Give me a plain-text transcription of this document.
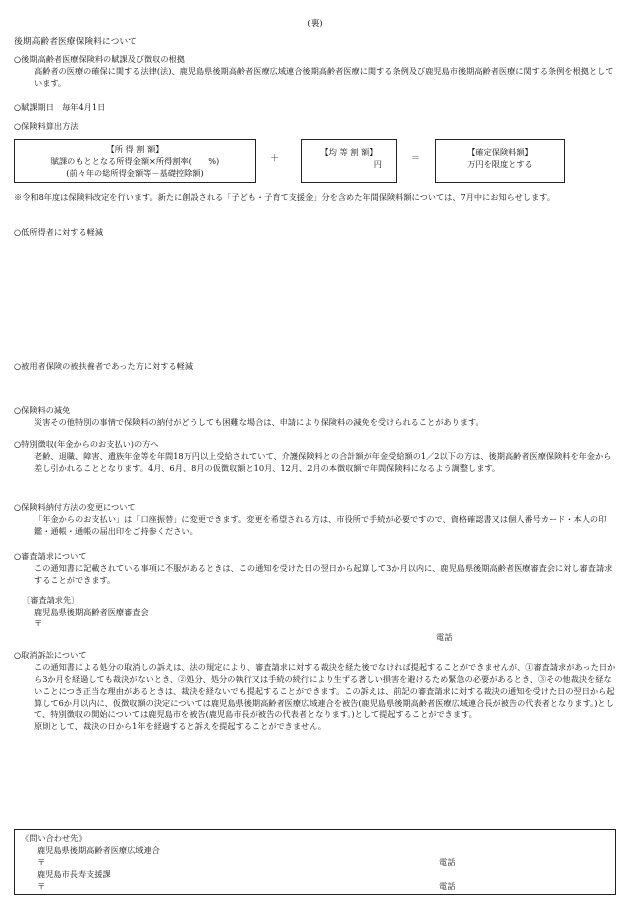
(裏)
後期高齢者医療保険料について
○後期高齢者医療保険料の賦課及び徴収の根拠
高齢者の医療の確保に関する法律(法)、鹿児島県後期高齢者医療広域連合後期高齢者医療に関する条例及び鹿児島市後期高齢者医療に関する条例を根拠としています。
○賦課期日　毎年4月1日
○保険料算出方法
【所 得 割 額】
賦課のもととなる所得金額×所得割率(　　%)
(前々年の総所得金額等－基礎控除額)
＋
【均 等 割 額】
円	＝
【確定保険料額】
万円を限度とする
※令和8年度は保険料改定を行います。新たに創設される「子ども・子育て支援金」分を含めた年間保険料額については、7月中にお知らせします。
○低所得者に対する軽減
○被用者保険の被扶養者であった方に対する軽減
○保険料の減免
災害その他特別の事情で保険料の納付がどうしても困難な場合は、申請により保険料の減免を受けられることがあります。
○特別徴収(年金からのお支払い)の方へ
老齢、退職、障害、遺族年金等を年間18万円以上受給されていて、介護保険料との合計額が年金受給額の1／2以下の方は、後期高齢者医療保険料を年金から差し引かれることとなります。4月、6月、8月の仮徴収額と10月、12月、2月の本徴収額で年間保険料になるよう調整します。
○保険料納付方法の変更について
「年金からのお支払い」は「口座振替」に変更できます。変更を希望される方は、市役所で手続が必要ですので、資格確認書又は個人番号カード・本人の印鑑・通帳・通帳の届出印をご持参ください。
○審査請求について
この通知書に記載されている事項に不服があるときは、この通知を受けた日の翌日から起算して3か月以内に、鹿児島県後期高齢者医療審査会に対し審査請求することができます。
〔審査請求先〕
鹿児島県後期高齢者医療審査会
〒
電話
○取消訴訟について
この通知書による処分の取消しの訴えは、法の規定により、審査請求に対する裁決を経た後でなければ提起することができませんが、①審査請求があった日から3か月を経過しても裁決がないとき、②処分、処分の執行又は手続の続行により生ずる著しい損害を避けるため緊急の必要があるとき、③その他裁決を経ないことにつき正当な理由があるときは、裁決を経ないでも提起することができます。この訴えは、前記の審査請求に対する裁決の通知を受けた日の翌日から起算して6か月以内に、仮徴収額の決定については鹿児島県後期高齢者医療広域連合を被告(鹿児島県後期高齢者医療広域連合長が被告の代表者となります。)として、特別徴収の開始については鹿児島市を被告(鹿児島市長が被告の代表者となります。)として提起することができます。
原則として、裁決の日から1年を経過すると訴えを提起することができません。
《問い合わせ先》
鹿児島県後期高齢者医療広域連合
〒	電話
鹿児島市長寿支援課
〒	電話
